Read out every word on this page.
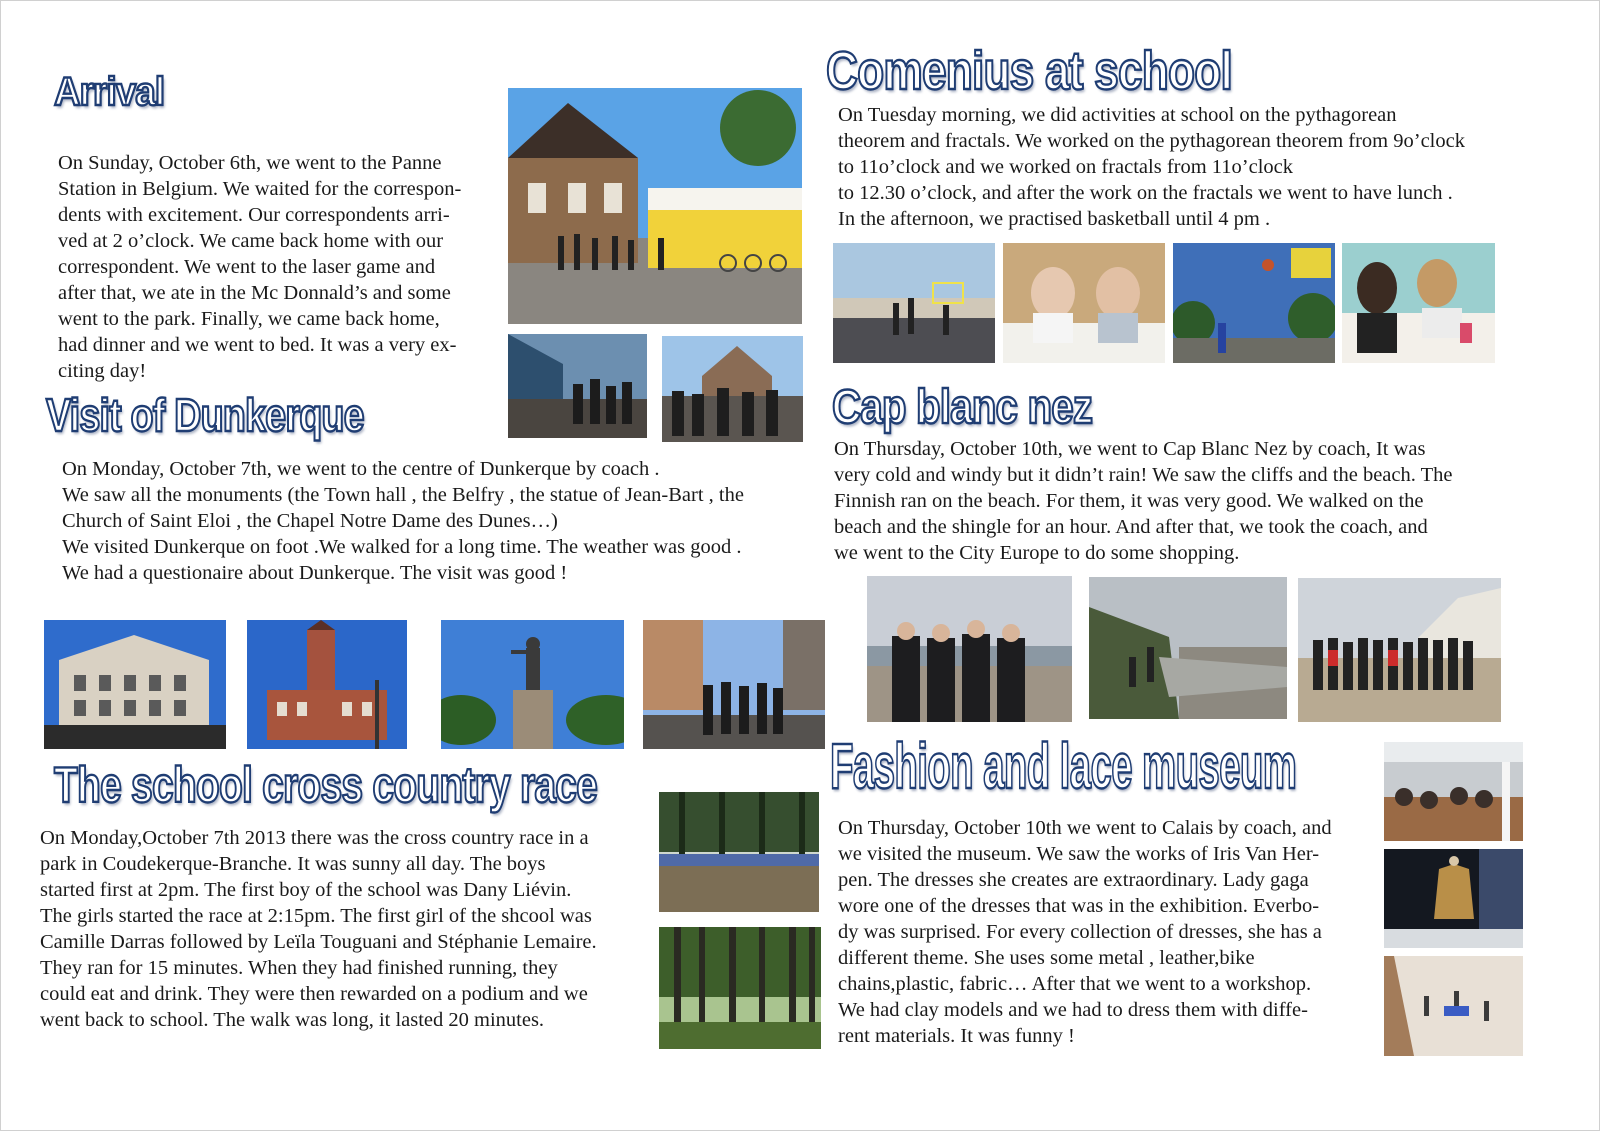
Arrival

On Sunday, October 6th, we went to the Panne
Station in Belgium. We waited for the correspon-
dents with excitement. Our correspondents arri-
ved at 2 o’clock. We came back home with our
correspondent. We went to the laser game and
after that, we ate in the Mc Donnald’s and some
went to the park. Finally, we came back home,
had dinner and we went to bed. It was a very ex-
citing day!

Comenius at school

On Tuesday morning, we did activities at school on the pythagorean
theorem and fractals. We worked on the pythagorean theorem from 9o’clock
to 11o’clock and we worked on fractals from 11o’clock
to 12.30 o’clock, and after the work on the fractals we went to have lunch .
In the afternoon, we practised basketball until 4 pm .

Visit of Dunkerque

On Monday, October 7th, we went to the centre of Dunkerque by coach .
We saw all the monuments (the Town hall , the Belfry , the statue of Jean-Bart , the
Church of Saint Eloi , the Chapel Notre Dame des Dunes…)
We visited Dunkerque on foot .We walked for a long time. The weather was good .
We had a questionaire about Dunkerque. The visit was good !

Cap blanc nez

On Thursday, October 10th, we went to Cap Blanc Nez by coach, It was
very cold and windy but it didn’t rain! We saw the cliffs and the beach. The
Finnish ran on the beach. For them, it was very good. We walked on the
beach and the shingle for an hour. And after that, we took the coach, and
we went to the City Europe to do some shopping.

The school cross country race

On Monday,October 7th 2013 there was the cross country race in a
park in Coudekerque-Branche. It was sunny all day. The boys
started first at 2pm. The first boy of the school was Dany Liévin.
The girls started the race at 2:15pm. The first girl of the shcool was
Camille Darras followed by Leïla Touguani and Stéphanie Lemaire.
They ran for 15 minutes. When they had finished running, they
could eat and drink. They were then rewarded on a podium and we
went back to school. The walk was long, it lasted 20 minutes.

Fashion and lace museum

On Thursday, October 10th we went to Calais by coach, and
we visited the museum. We saw the works of Iris Van Her-
pen. The dresses she creates are extraordinary. Lady gaga
wore one of the dresses that was in the exhibition. Everbo-
dy was surprised. For every collection of dresses, she has a
different theme. She uses some metal , leather,bike
chains,plastic, fabric… After that we went to a workshop.
We had clay models and we had to dress them with diffe-
rent materials. It was funny !
